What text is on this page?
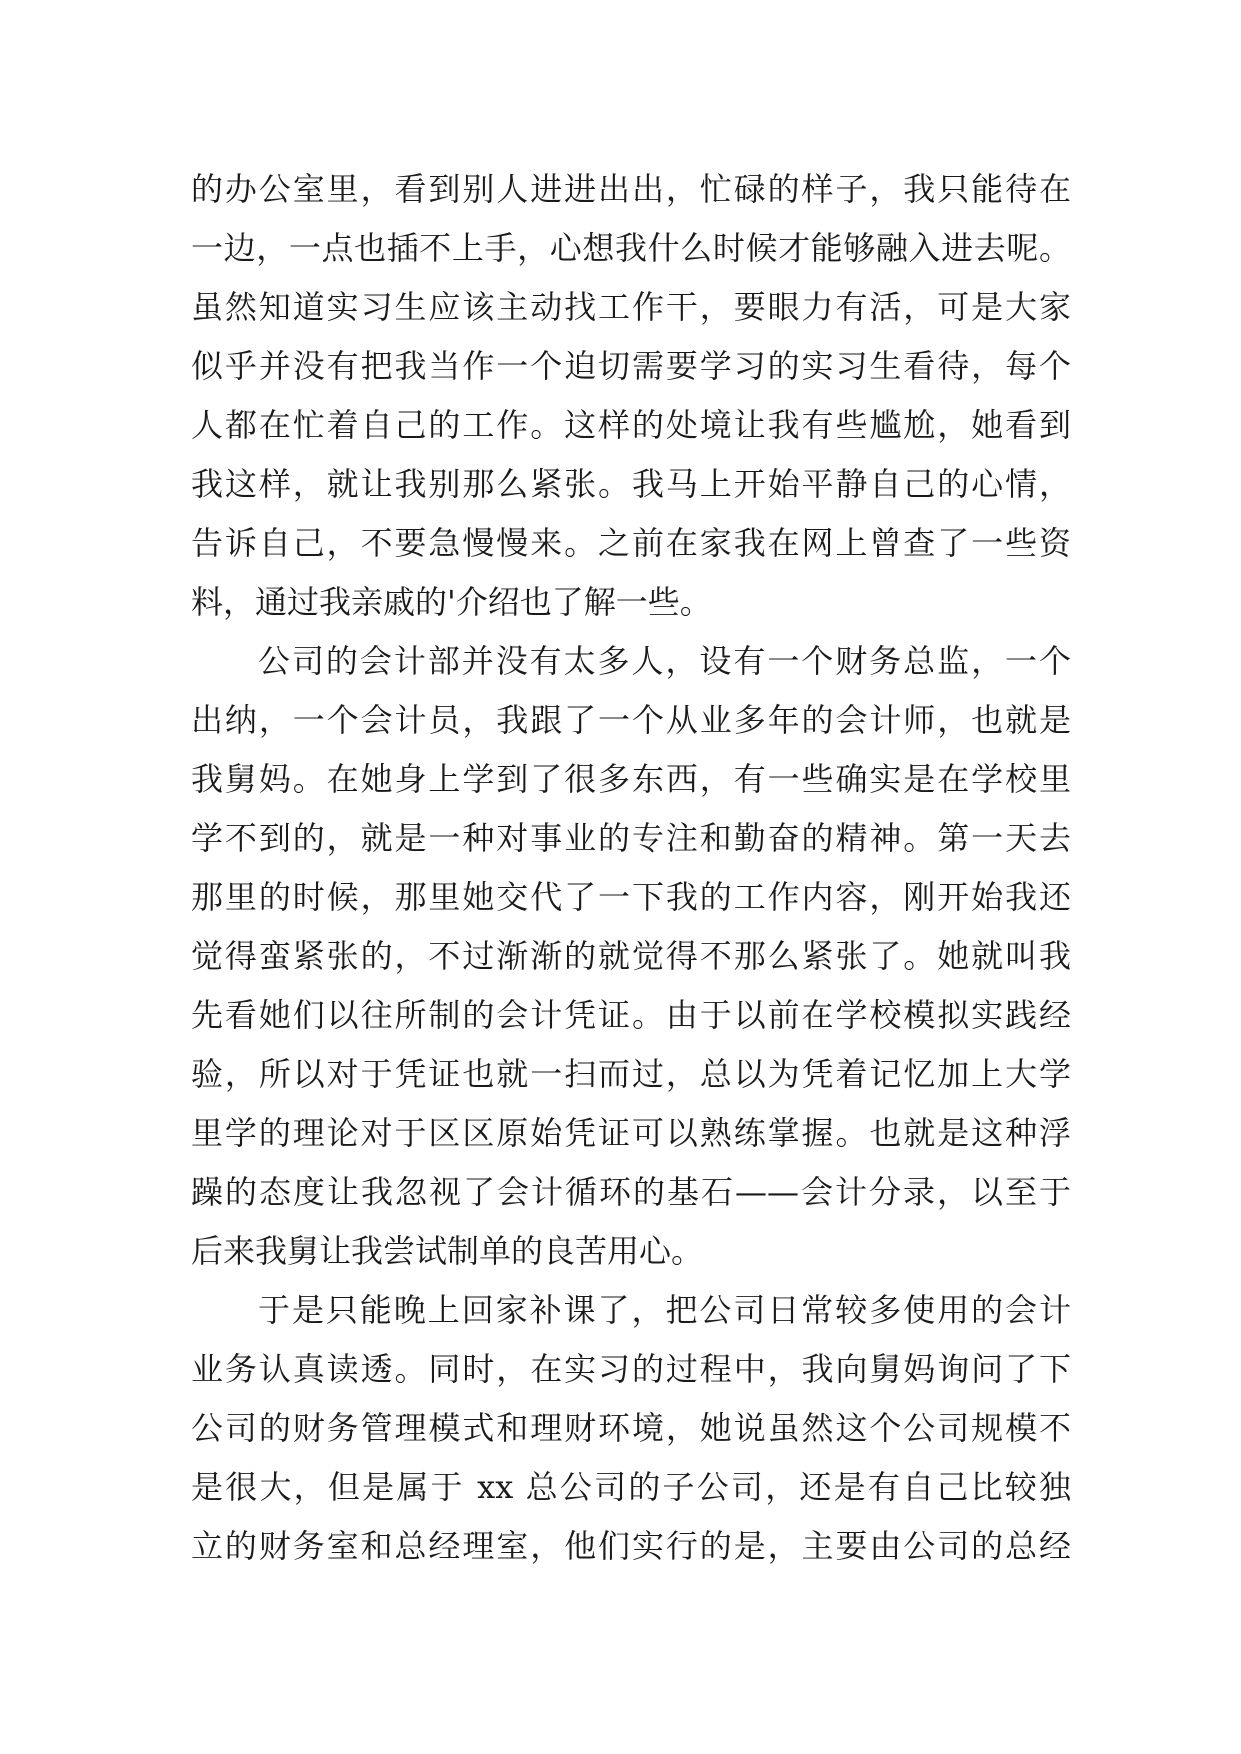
的办公室里，看到别人进进出出，忙碌的样子，我只能待在
一边，一点也插不上手，心想我什么时候才能够融入进去呢。
虽然知道实习生应该主动找工作干，要眼力有活，可是大家
似乎并没有把我当作一个迫切需要学习的实习生看待，每个
人都在忙着自己的工作。这样的处境让我有些尴尬，她看到
我这样，就让我别那么紧张。我马上开始平静自己的心情，
告诉自己，不要急慢慢来。之前在家我在网上曾查了一些资
料，通过我亲戚的'介绍也了解一些。
公司的会计部并没有太多人，设有一个财务总监，一个
出纳，一个会计员，我跟了一个从业多年的会计师，也就是
我舅妈。在她身上学到了很多东西，有一些确实是在学校里
学不到的，就是一种对事业的专注和勤奋的精神。第一天去
那里的时候，那里她交代了一下我的工作内容，刚开始我还
觉得蛮紧张的，不过渐渐的就觉得不那么紧张了。她就叫我
先看她们以往所制的会计凭证。由于以前在学校模拟实践经
验，所以对于凭证也就一扫而过，总以为凭着记忆加上大学
里学的理论对于区区原始凭证可以熟练掌握。也就是这种浮
躁的态度让我忽视了会计循环的基石——会计分录，以至于
后来我舅让我尝试制单的良苦用心。
于是只能晚上回家补课了，把公司日常较多使用的会计
业务认真读透。同时，在实习的过程中，我向舅妈询问了下
公司的财务管理模式和理财环境，她说虽然这个公司规模不
是很大，但是属于 xx 总公司的子公司，还是有自己比较独
立的财务室和总经理室，他们实行的是，主要由公司的总经
